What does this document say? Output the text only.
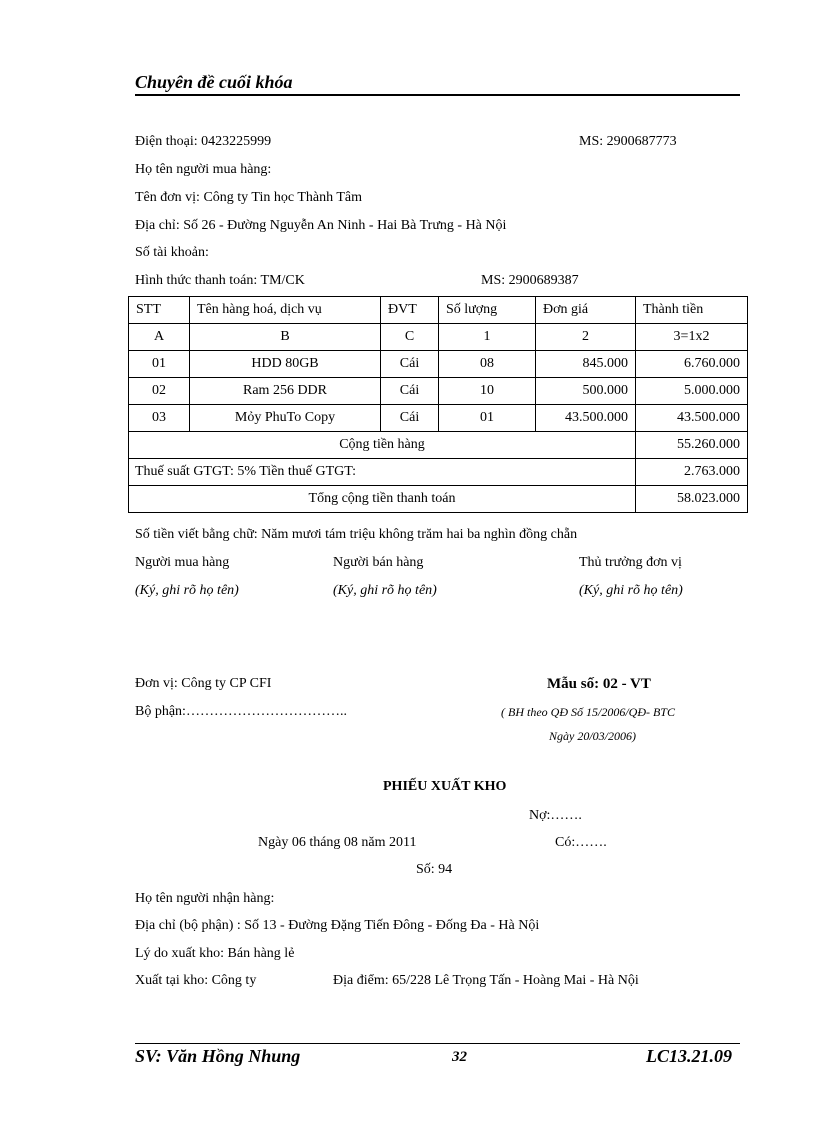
Chuyên đề cuối khóa
Điện thoại: 0423225999	MS: 2900687773
Họ tên người mua hàng:
Tên đơn vị: Công ty Tin học Thành Tâm
Địa chỉ: Số 26 - Đường Nguyễn An Ninh - Hai Bà Trưng - Hà Nội
Số tài khoản:
Hình thức thanh toán: TM/CK	MS: 2900689387
STT	Tên hàng hoá, dịch vụ	ĐVT	Số lượng	Đơn giá	Thành tiền
A	B	C	1	2	3=1x2
01	HDD 80GB	Cái	08	845.000	6.760.000
02	Ram 256 DDR	Cái	10	500.000	5.000.000
03	Mỏy PhuTo Copy	Cái	01	43.500.000	43.500.000
Cộng tiền hàng					55.260.000
Thuế suất GTGT: 5% Tiền thuế GTGT:					2.763.000
Tổng cộng tiền thanh toán					58.023.000
Số tiền viết bằng chữ: Năm mươi tám triệu không trăm hai ba nghìn đồng chẵn
Người mua hàng	Người bán hàng	Thủ trưởng đơn vị
(Ký, ghi rõ họ tên)	(Ký, ghi rõ họ tên)	(Ký, ghi rõ họ tên)
Đơn vị: Công ty CP CFI	Mẫu số: 02 - VT
Bộ phận:……………………………..	( BH theo QĐ Số 15/2006/QĐ- BTC
Ngày 20/03/2006)
PHIẾU XUẤT KHO
Nợ:…….
Ngày 06 tháng 08 năm 2011	Có:…….
Số: 94
Họ tên người nhận hàng:
Địa chỉ (bộ phận) : Số 13 - Đường Đặng Tiến Đông - Đống Đa - Hà Nội
Lý do xuất kho: Bán hàng lẻ
Xuất tại kho: Công ty	Địa điểm: 65/228 Lê Trọng Tấn - Hoàng Mai - Hà Nội
SV: Văn Hồng Nhung	32	LC13.21.09
